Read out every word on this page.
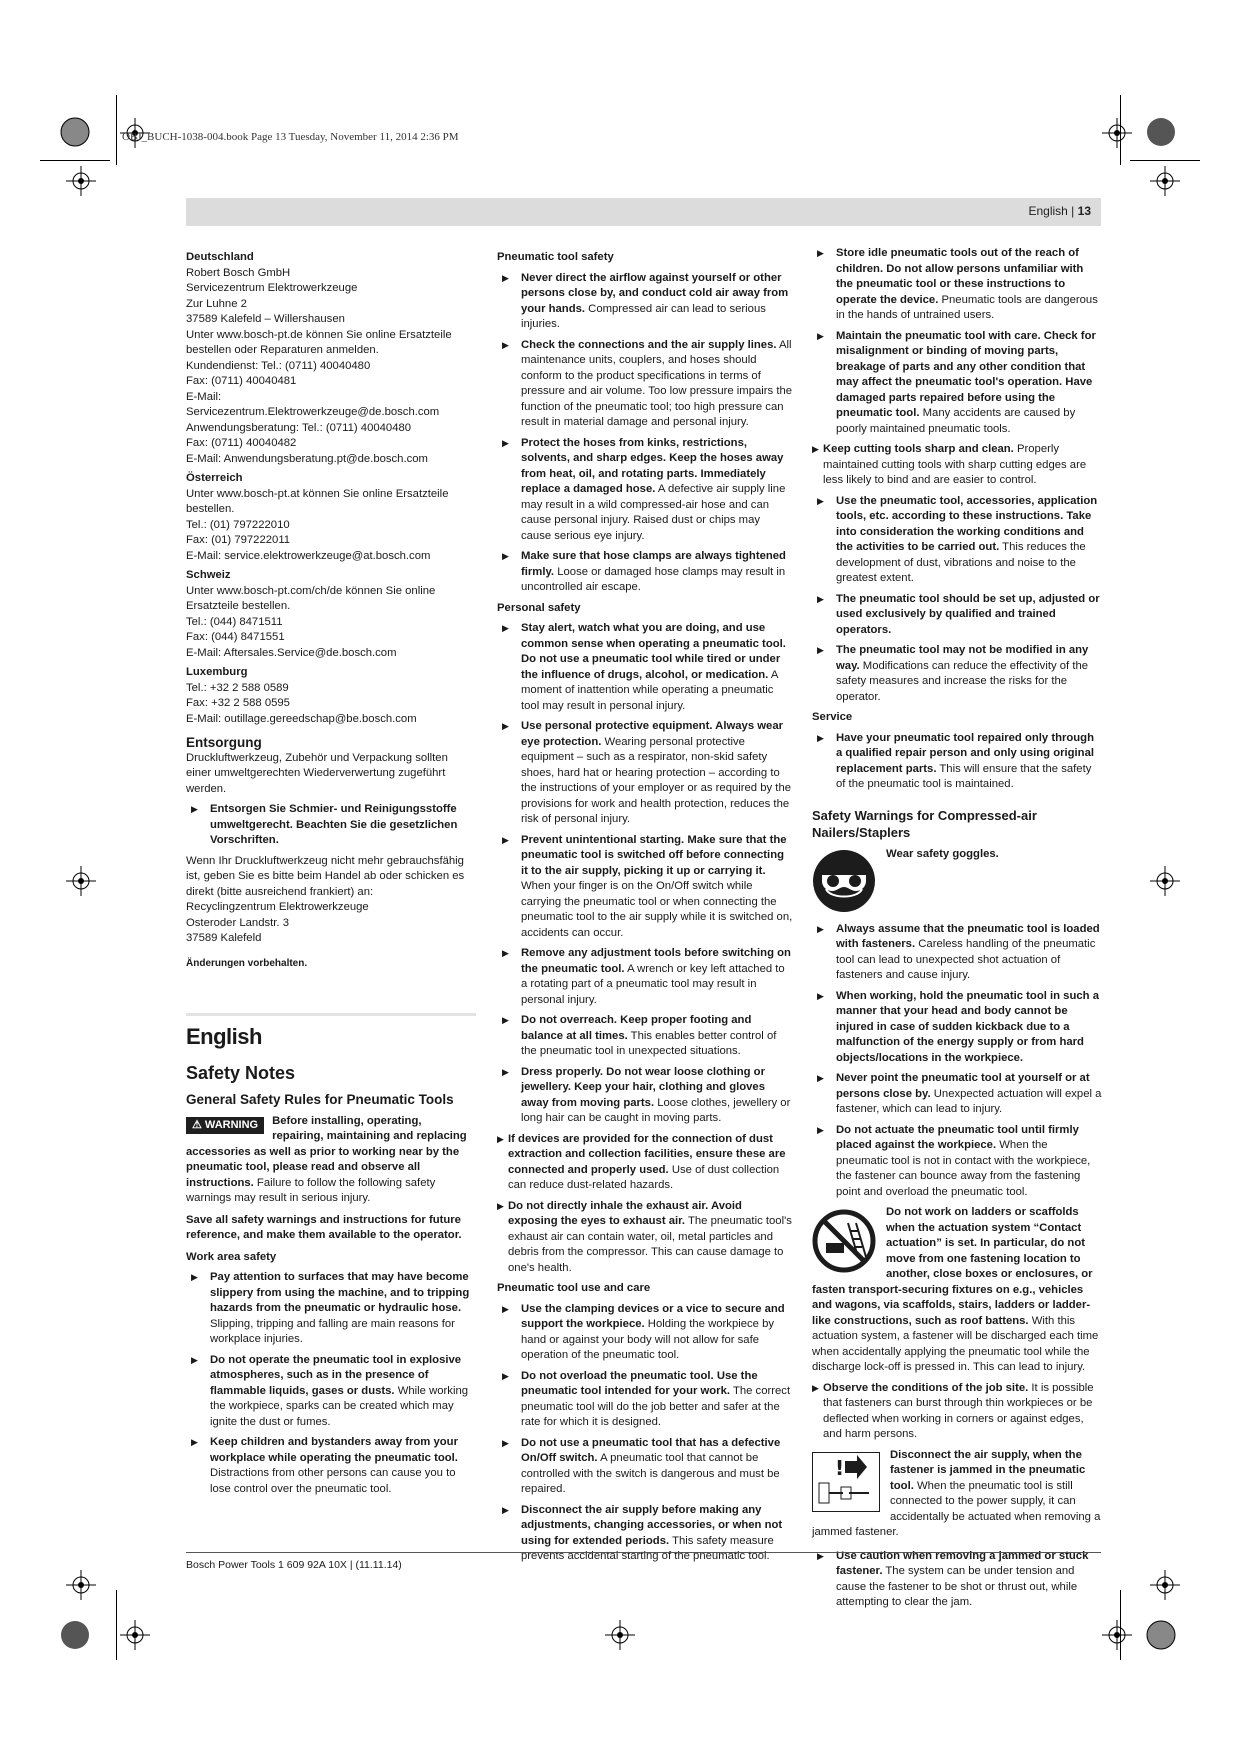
OBJ_BUCH-1038-004.book Page 13 Tuesday, November 11, 2014 2:36 PM
English | 13
Deutschland
Robert Bosch GmbH
Servicezentrum Elektrowerkzeuge
Zur Luhne 2
37589 Kalefeld – Willershausen
Unter www.bosch-pt.de können Sie online Ersatzteile bestellen oder Reparaturen anmelden.
Kundendienst: Tel.: (0711) 40040480
Fax: (0711) 40040481
E-Mail: Servicezentrum.Elektrowerkzeuge@de.bosch.com
Anwendungsberatung: Tel.: (0711) 40040480
Fax: (0711) 40040482
E-Mail: Anwendungsberatung.pt@de.bosch.com
Österreich
Unter www.bosch-pt.at können Sie online Ersatzteile bestellen.
Tel.: (01) 797222010
Fax: (01) 797222011
E-Mail: service.elektrowerkzeuge@at.bosch.com
Schweiz
Unter www.bosch-pt.com/ch/de können Sie online Ersatzteile bestellen.
Tel.: (044) 8471511
Fax: (044) 8471551
E-Mail: Aftersales.Service@de.bosch.com
Luxemburg
Tel.: +32 2 588 0589
Fax: +32 2 588 0595
E-Mail: outillage.gereedschap@be.bosch.com
Entsorgung
Druckluftwerkzeug, Zubehör und Verpackung sollten einer umweltgerechten Wiederverwertung zugeführt werden.
▶ Entsorgen Sie Schmier- und Reinigungsstoffe umweltgerecht. Beachten Sie die gesetzlichen Vorschriften.
Wenn Ihr Druckluftwerkzeug nicht mehr gebrauchsfähig ist, geben Sie es bitte beim Handel ab oder schicken es direkt (bitte ausreichend frankiert) an:
Recyclingzentrum Elektrowerkzeuge
Osteroder Landstr. 3
37589 Kalefeld
Änderungen vorbehalten.
English
Safety Notes
General Safety Rules for Pneumatic Tools
⚠ WARNING	Before installing, operating, repairing, maintaining and replacing accessories as well as prior to working near by the pneumatic tool, please read and observe all instructions. Failure to follow the following safety warnings may result in serious injury.
Save all safety warnings and instructions for future reference, and make them available to the operator.
Work area safety
▶ Pay attention to surfaces that may have become slippery from using the machine, and to tripping hazards from the pneumatic or hydraulic hose. Slipping, tripping and falling are main reasons for workplace injuries.
▶ Do not operate the pneumatic tool in explosive atmospheres, such as in the presence of flammable liquids, gases or dusts. While working the workpiece, sparks can be created which may ignite the dust or fumes.
▶ Keep children and bystanders away from your workplace while operating the pneumatic tool. Distractions from other persons can cause you to lose control over the pneumatic tool.
Pneumatic tool safety
▶ Never direct the airflow against yourself or other persons close by, and conduct cold air away from your hands. Compressed air can lead to serious injuries.
▶ Check the connections and the air supply lines. All maintenance units, couplers, and hoses should conform to the product specifications in terms of pressure and air volume. Too low pressure impairs the function of the pneumatic tool; too high pressure can result in material damage and personal injury.
▶ Protect the hoses from kinks, restrictions, solvents, and sharp edges. Keep the hoses away from heat, oil, and rotating parts. Immediately replace a damaged hose. A defective air supply line may result in a wild compressed-air hose and can cause personal injury. Raised dust or chips may cause serious eye injury.
▶ Make sure that hose clamps are always tightened firmly. Loose or damaged hose clamps may result in uncontrolled air escape.
Personal safety
▶ Stay alert, watch what you are doing, and use common sense when operating a pneumatic tool. Do not use a pneumatic tool while tired or under the influence of drugs, alcohol, or medication. A moment of inattention while operating a pneumatic tool may result in personal injury.
▶ Use personal protective equipment. Always wear eye protection. Wearing personal protective equipment – such as a respirator, non-skid safety shoes, hard hat or hearing protection – according to the instructions of your employer or as required by the provisions for work and health protection, reduces the risk of personal injury.
▶ Prevent unintentional starting. Make sure that the pneumatic tool is switched off before connecting it to the air supply, picking it up or carrying it. When your finger is on the On/Off switch while carrying the pneumatic tool or when connecting the pneumatic tool to the air supply while it is switched on, accidents can occur.
▶ Remove any adjustment tools before switching on the pneumatic tool. A wrench or key left attached to a rotating part of a pneumatic tool may result in personal injury.
▶ Do not overreach. Keep proper footing and balance at all times. This enables better control of the pneumatic tool in unexpected situations.
▶ Dress properly. Do not wear loose clothing or jewellery. Keep your hair, clothing and gloves away from moving parts. Loose clothes, jewellery or long hair can be caught in moving parts.
▶ If devices are provided for the connection of dust extraction and collection facilities, ensure these are connected and properly used. Use of dust collection can reduce dust-related hazards.
▶ Do not directly inhale the exhaust air. Avoid exposing the eyes to exhaust air. The pneumatic tool's exhaust air can contain water, oil, metal particles and debris from the compressor. This can cause damage to one's health.
Pneumatic tool use and care
▶ Use the clamping devices or a vice to secure and support the workpiece. Holding the workpiece by hand or against your body will not allow for safe operation of the pneumatic tool.
▶ Do not overload the pneumatic tool. Use the pneumatic tool intended for your work. The correct pneumatic tool will do the job better and safer at the rate for which it is designed.
▶ Do not use a pneumatic tool that has a defective On/Off switch. A pneumatic tool that cannot be controlled with the switch is dangerous and must be repaired.
▶ Disconnect the air supply before making any adjustments, changing accessories, or when not using for extended periods. This safety measure prevents accidental starting of the pneumatic tool.
▶ Store idle pneumatic tools out of the reach of children. Do not allow persons unfamiliar with the pneumatic tool or these instructions to operate the device. Pneumatic tools are dangerous in the hands of untrained users.
▶ Maintain the pneumatic tool with care. Check for misalignment or binding of moving parts, breakage of parts and any other condition that may affect the pneumatic tool's operation. Have damaged parts repaired before using the pneumatic tool. Many accidents are caused by poorly maintained pneumatic tools.
▶ Keep cutting tools sharp and clean. Properly maintained cutting tools with sharp cutting edges are less likely to bind and are easier to control.
▶ Use the pneumatic tool, accessories, application tools, etc. according to these instructions. Take into consideration the working conditions and the activities to be carried out. This reduces the development of dust, vibrations and noise to the greatest extent.
▶ The pneumatic tool should be set up, adjusted or used exclusively by qualified and trained operators.
▶ The pneumatic tool may not be modified in any way. Modifications can reduce the effectivity of the safety measures and increase the risks for the operator.
Service
▶ Have your pneumatic tool repaired only through a qualified repair person and only using original replacement parts. This will ensure that the safety of the pneumatic tool is maintained.
Safety Warnings for Compressed-air Nailers/Staplers
Wear safety goggles.
▶ Always assume that the pneumatic tool is loaded with fasteners. Careless handling of the pneumatic tool can lead to unexpected shot actuation of fasteners and cause injury.
▶ When working, hold the pneumatic tool in such a manner that your head and body cannot be injured in case of sudden kickback due to a malfunction of the energy supply or from hard objects/locations in the workpiece.
▶ Never point the pneumatic tool at yourself or at persons close by. Unexpected actuation will expel a fastener, which can lead to injury.
▶ Do not actuate the pneumatic tool until firmly placed against the workpiece. When the pneumatic tool is not in contact with the workpiece, the fastener can bounce away from the fastening point and overload the pneumatic tool.
Do not work on ladders or scaffolds when the actuation system “Contact actuation” is set. In particular, do not move from one fastening location to another, close boxes or enclosures, or fasten transport-securing fixtures on e.g., vehicles and wagons, via scaffolds, stairs, ladders or ladder-like constructions, such as roof battens. With this actuation system, a fastener will be discharged each time when accidentally applying the pneumatic tool while the discharge lock-off is pressed in. This can lead to injury.
▶ Observe the conditions of the job site. It is possible that fasteners can burst through thin workpieces or be deflected when working in corners or against edges, and harm persons.
!
Disconnect the air supply, when the fastener is jammed in the pneumatic tool. When the pneumatic tool is still connected to the power supply, it can accidentally be actuated when removing a jammed fastener.
▶ Use caution when removing a jammed or stuck fastener. The system can be under tension and cause the fastener to be shot or thrust out, while attempting to clear the jam.
Bosch Power Tools 1 609 92A 10X | (11.11.14)
